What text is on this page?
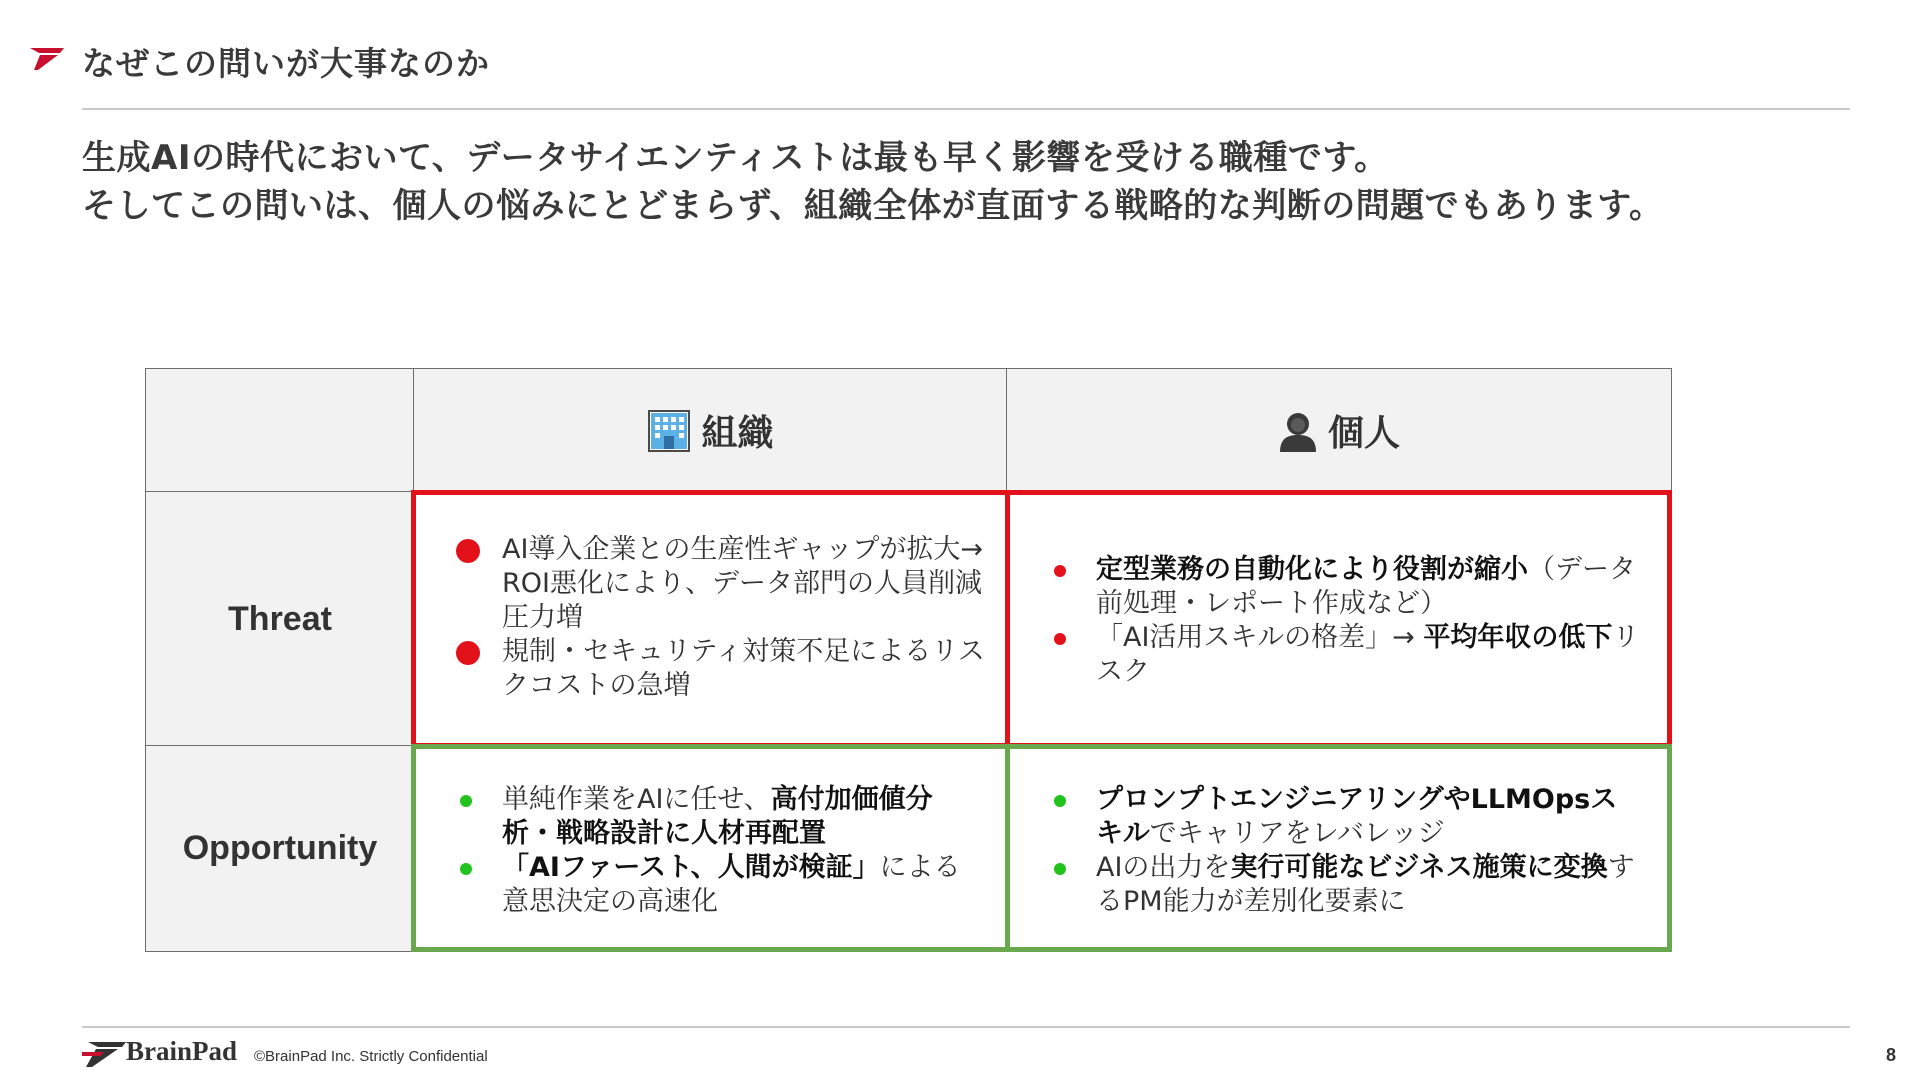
なぜこの問いが大事なのか
生成AIの時代において、データサイエンティストは最も早く影響を受ける職種です。
そしてこの問いは、個人の悩みにとどまらず、組織全体が直面する戦略的な判断の問題でもあります。
組織	個人
Threat
Opportunity
AI導入企業との生産性ギャップが拡大→ ROI悪化により、データ部門の人員削減圧力増
規制・セキュリティ対策不足によるリスクコストの急増
定型業務の自動化により役割が縮小（データ前処理・レポート作成など）
「AI活用スキルの格差」→ 平均年収の低下リスク
単純作業をAIに任せ、高付加価値分析・戦略設計に人材再配置
「AIファースト、人間が検証」による意思決定の高速化
プロンプトエンジニアリングやLLMOpsスキルでキャリアをレバレッジ
AIの出力を実行可能なビジネス施策に変換するPM能力が差別化要素に
BrainPad ©BrainPad Inc. Strictly Confidential	8
